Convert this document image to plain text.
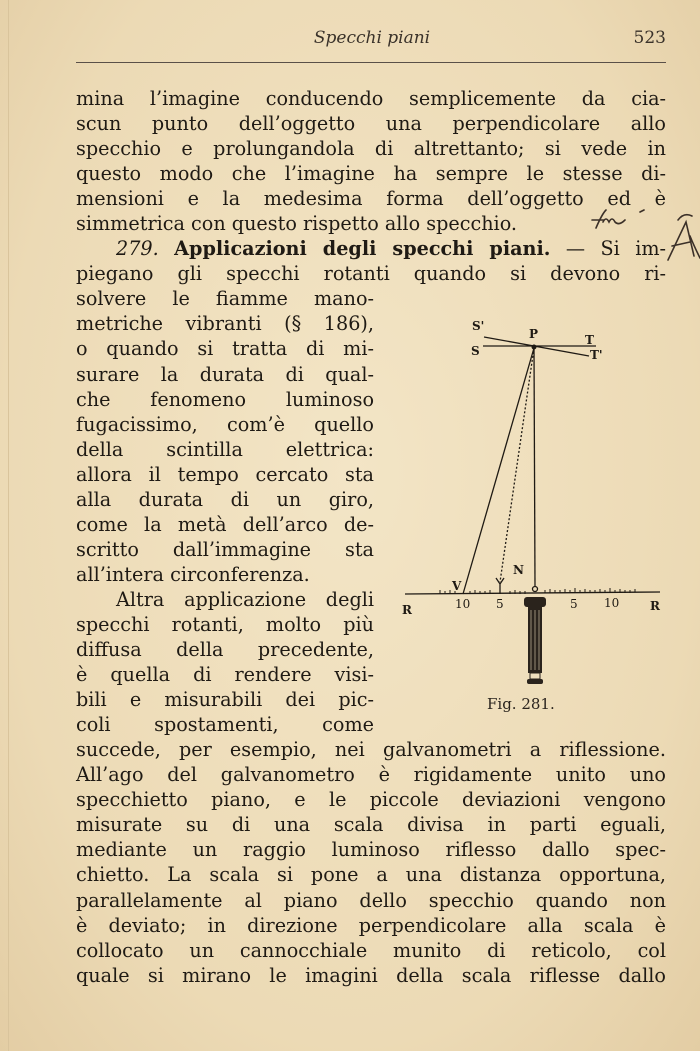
Specchi piani	523
mina l’imagine conducendo semplicemente da cia-
scun punto dell’oggetto una perpendicolare allo
specchio e prolungandola di altrettanto; si vede in
questo modo che l’imagine ha sempre le stesse di-
mensioni e la medesima forma dell’oggetto ed è
simmetrica con questo rispetto allo specchio.
279. Applicazioni degli specchi piani. — Si im-
piegano gli specchi rotanti quando si devono ri-
solvere le fiamme mano-
metriche vibranti (§ 186),
o quando si tratta di mi-
surare la durata di qual-
che fenomeno luminoso
fugacissimo, com’è quello
della scintilla elettrica:
allora il tempo cercato sta
alla durata di un giro,
come la metà dell’arco de-
scritto dall’immagine sta
all’intera circonferenza.
Altra applicazione degli
specchi rotanti, molto più
diffusa della precedente,
è quella di rendere visi-
bili e misurabili dei pic-
coli spostamenti, come
succede, per esempio, nei galvanometri a riflessione.
All’ago del galvanometro è rigidamente unito uno
specchietto piano, e le piccole deviazioni vengono
misurate su di una scala divisa in parti eguali,
mediante un raggio luminoso riflesso dallo spec-
chietto. La scala si pone a una distanza opportuna,
parallelamente al piano dello specchio quando non
è deviato; in direzione perpendicolare alla scala è
collocato un cannocchiale munito di reticolo, col
quale si mirano le imagini della scala riflesse dallo
S'
S
P	T
T'
V
N
R	R
10 5	5 10
Fig. 281.
